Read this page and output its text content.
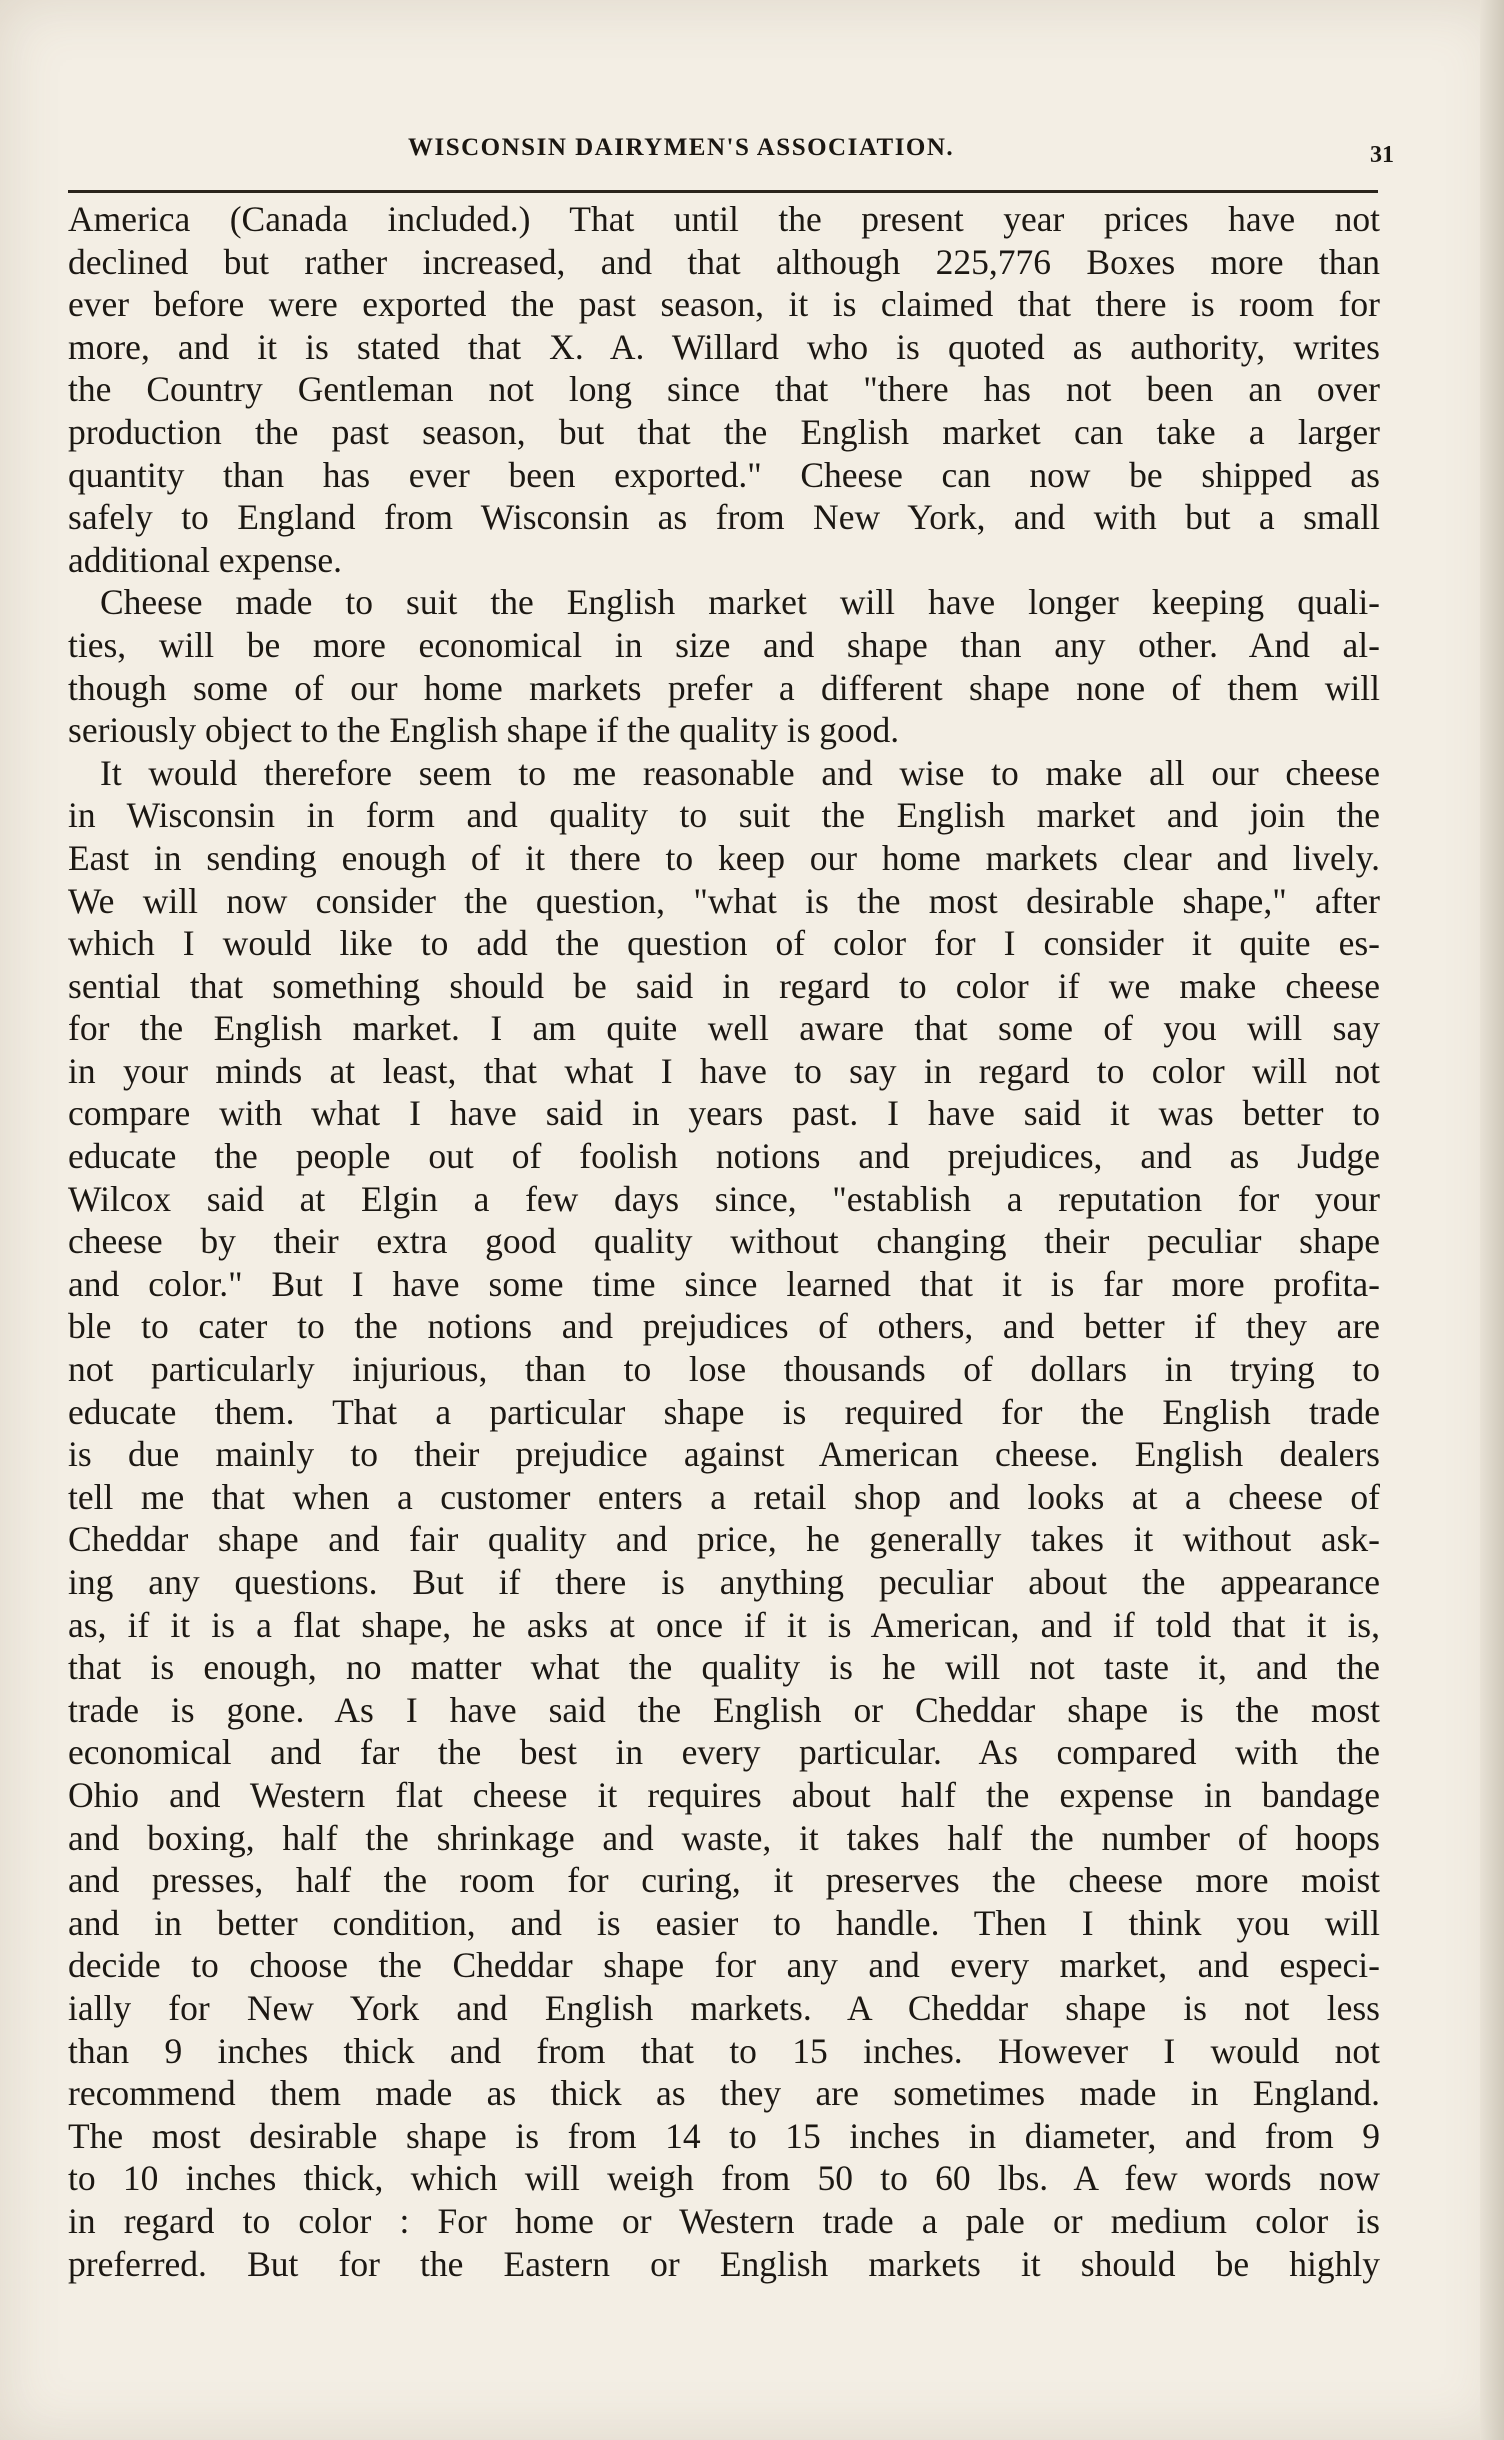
WISCONSIN DAIRYMEN'S ASSOCIATION.	31
America (Canada included.) That until the present year prices have not
declined but rather increased, and that although 225,776 Boxes more than
ever before were exported the past season, it is claimed that there is room for
more, and it is stated that X. A. Willard who is quoted as authority, writes
the Country Gentleman not long since that "there has not been an over
production the past season, but that the English market can take a larger
quantity than has ever been exported." Cheese can now be shipped as
safely to England from Wisconsin as from New York, and with but a small
additional expense.
Cheese made to suit the English market will have longer keeping quali-
ties, will be more economical in size and shape than any other. And al-
though some of our home markets prefer a different shape none of them will
seriously object to the English shape if the quality is good.
It would therefore seem to me reasonable and wise to make all our cheese
in Wisconsin in form and quality to suit the English market and join the
East in sending enough of it there to keep our home markets clear and lively.
We will now consider the question, "what is the most desirable shape," after
which I would like to add the question of color for I consider it quite es-
sential that something should be said in regard to color if we make cheese
for the English market. I am quite well aware that some of you will say
in your minds at least, that what I have to say in regard to color will not
compare with what I have said in years past. I have said it was better to
educate the people out of foolish notions and prejudices, and as Judge
Wilcox said at Elgin a few days since, "establish a reputation for your
cheese by their extra good quality without changing their peculiar shape
and color." But I have some time since learned that it is far more profita-
ble to cater to the notions and prejudices of others, and better if they are
not particularly injurious, than to lose thousands of dollars in trying to
educate them. That a particular shape is required for the English trade
is due mainly to their prejudice against American cheese. English dealers
tell me that when a customer enters a retail shop and looks at a cheese of
Cheddar shape and fair quality and price, he generally takes it without ask-
ing any questions. But if there is anything peculiar about the appearance
as, if it is a flat shape, he asks at once if it is American, and if told that it is,
that is enough, no matter what the quality is he will not taste it, and the
trade is gone. As I have said the English or Cheddar shape is the most
economical and far the best in every particular. As compared with the
Ohio and Western flat cheese it requires about half the expense in bandage
and boxing, half the shrinkage and waste, it takes half the number of hoops
and presses, half the room for curing, it preserves the cheese more moist
and in better condition, and is easier to handle. Then I think you will
decide to choose the Cheddar shape for any and every market, and especi-
ially for New York and English markets. A Cheddar shape is not less
than 9 inches thick and from that to 15 inches. However I would not
recommend them made as thick as they are sometimes made in England.
The most desirable shape is from 14 to 15 inches in diameter, and from 9
to 10 inches thick, which will weigh from 50 to 60 lbs. A few words now
in regard to color : For home or Western trade a pale or medium color is
preferred. But for the Eastern or English markets it should be highly
